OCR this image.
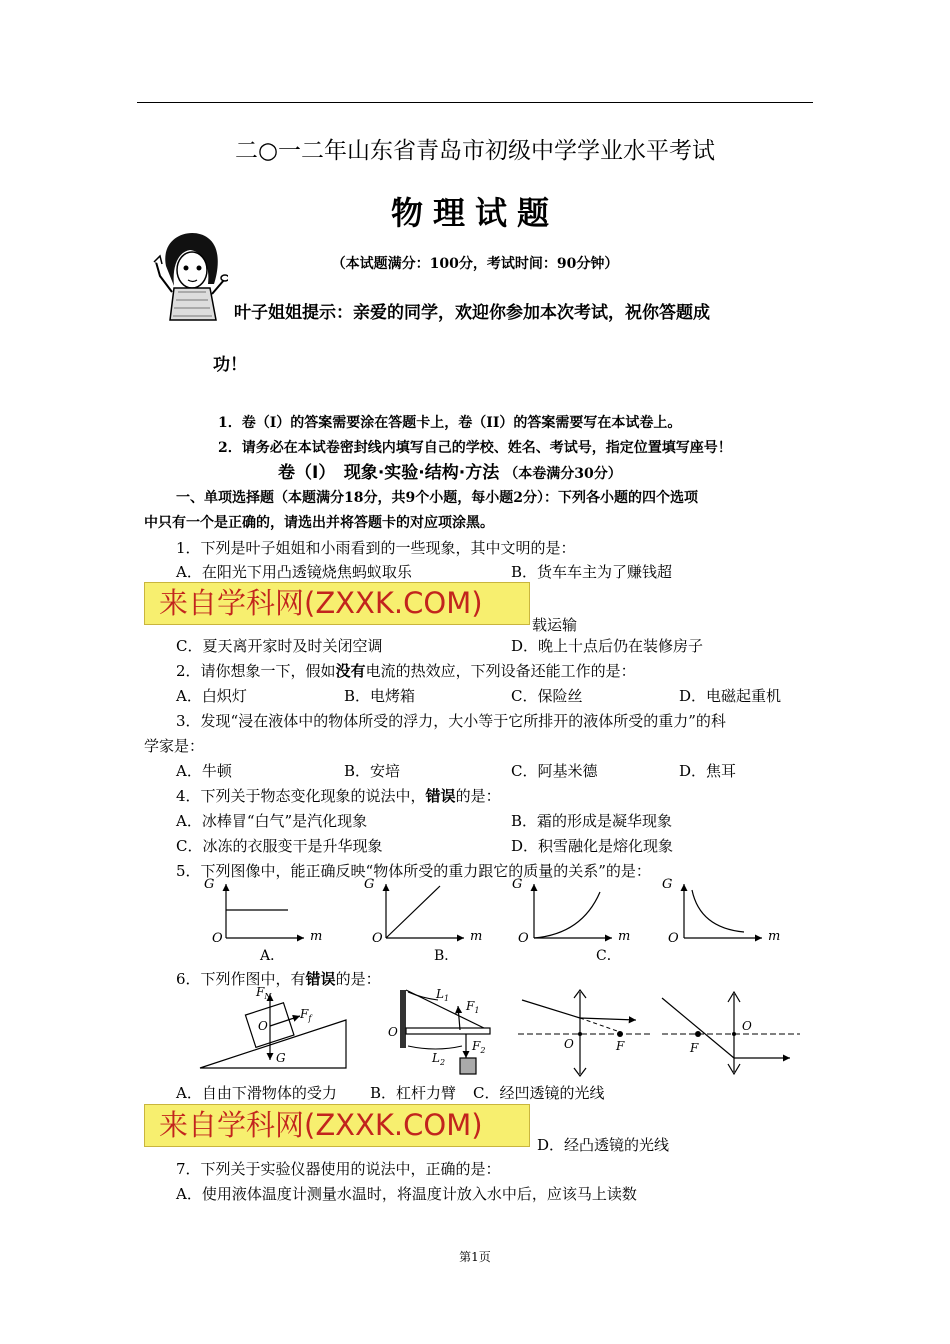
二○一二年山东省青岛市初级中学学业水平考试
物理试题
（本试题满分：100分，考试时间：90分钟）
叶子姐姐提示：亲爱的同学，欢迎你参加本次考试，祝你答题成
功！
1．卷（I）的答案需要涂在答题卡上，卷（II）的答案需要写在本试卷上。
2．请务必在本试卷密封线内填写自己的学校、姓名、考试号，指定位置填写座号！
卷（I）　现象·实验·结构·方法 （本卷满分30分）
一、单项选择题（本题满分18分，共9个小题，每小题2分）：下列各小题的四个选项
中只有一个是正确的，请选出并将答题卡的对应项涂黑。
1．下列是叶子姐姐和小雨看到的一些现象，其中文明的是：
A．在阳光下用凸透镜烧焦蚂蚁取乐	B．货车车主为了赚钱超
来自学科网(ZXXK.COM)
载运输
C．夏天离开家时及时关闭空调	D．晚上十点后仍在装修房子
2．请你想象一下，假如没有电流的热效应，下列设备还能工作的是：
A．白炽灯	B．电烤箱	C．保险丝	D．电磁起重机
3．发现“浸在液体中的物体所受的浮力，大小等于它所排开的液体所受的重力”的科
学家是：
A．牛顿	B．安培	C．阿基米德	D．焦耳
4．下列关于物态变化现象的说法中，错误的是：
A．冰棒冒“白气”是汽化现象	B．霜的形成是凝华现象
C．冰冻的衣服变干是升华现象	D．积雪融化是熔化现象
5．下列图像中，能正确反映“物体所受的重力跟它的质量的关系”的是：
G
O	m
A．
G
O	m
B．
G
O	m
C．
G
O	m
6．下列作图中，有错误的是：
$F_N$
$F_f$
G
O
$L_1$
$F_1$
$L_2$
$F_2$
O
O	F	F
O
A．自由下滑物体的受力 B．杠杆力臂 C．经凹透镜的光线
来自学科网(ZXXK.COM)
D．经凸透镜的光线
7．下列关于实验仪器使用的说法中，正确的是：
A．使用液体温度计测量水温时，将温度计放入水中后，应该马上读数
第1页
